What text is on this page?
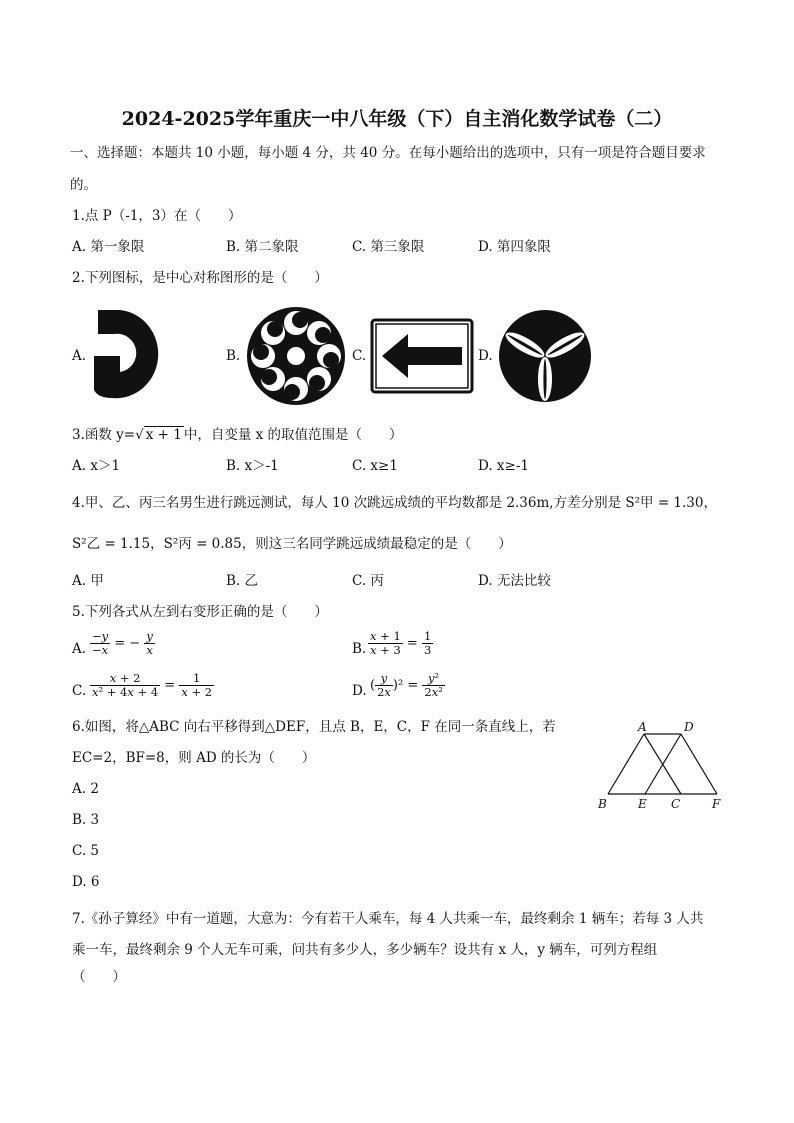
2024-2025学年重庆一中八年级（下）自主消化数学试卷（二）
一、选择题：本题共 10 小题，每小题 4 分，共 40 分。在每小题给出的选项中，只有一项是符合题目要求
的。
1.点 P（-1，3）在（　　）
A. 第一象限	B. 第二象限	C. 第三象限	D. 第四象限
2.下列图标，是中心对称图形的是（　　）
A.	B.	C.	D.
3.函数 y=√ x + 1 中，自变量 x 的取值范围是（　　）
A. x＞1	B. x＞-1	C. x≥1	D. x≥-1
4.甲、乙、丙三名男生进行跳远测试，每人 10 次跳远成绩的平均数都是 2.36m,方差分别是 S²甲 = 1.30，
S²乙 = 1.15，S²丙 = 0.85，则这三名同学跳远成绩最稳定的是（　　）
A. 甲	B. 乙	C. 丙	D. 无法比较
5.下列各式从左到右变形正确的是（　　）
A. $\frac{-y}{-x}$ = − $\frac{y}{x}$	B. $\frac{x + 1}{x + 3} = \frac{1}{3}$
C. $\frac{x + 2}{\text{x² + 4x + 4}} = \frac{1}{x + 2}$	D. ( $\frac{y}{2x} )^2 = \frac{\text{y²}}{\text{2x²}}$
6.如图，将△ABC 向右平移得到△DEF，且点 B，E，C，F 在同一条直线上，若
EC=2，BF=8，则 AD 的长为（　　）
A. 2
B. 3
C. 5
D. 6
A	D
B	E C	F
7.《孙子算经》中有一道题，大意为：今有若干人乘车，每 4 人共乘一车，最终剩余 1 辆车；若每 3 人共
乘一车，最终剩余 9 个人无车可乘，问共有多少人，多少辆车？设共有 x 人，y 辆车，可列方程组
（　　）
